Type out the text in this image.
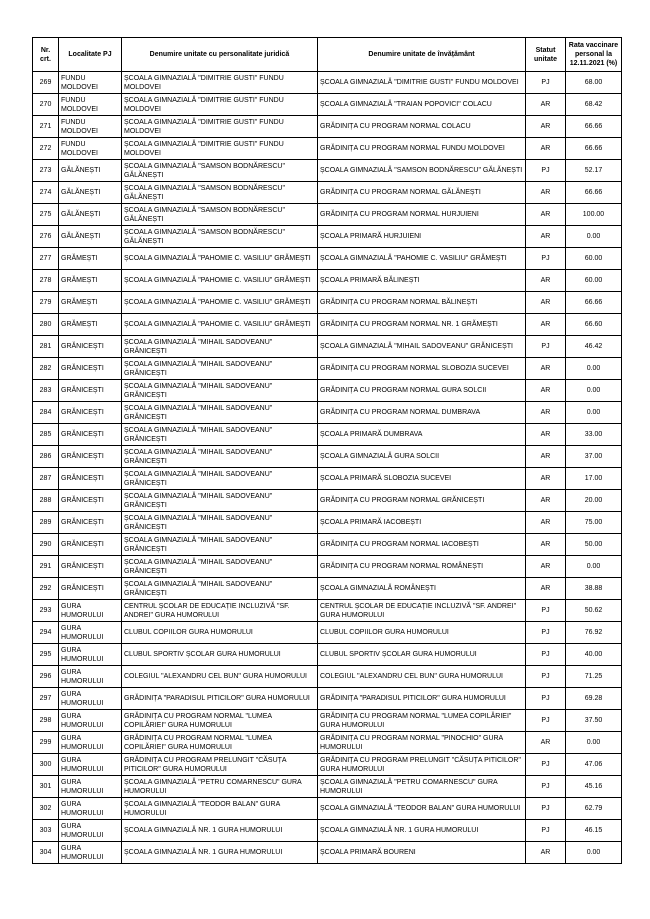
Nr. crt.	Localitate PJ	Denumire unitate cu personalitate juridică	Denumire unitate de învățământ	Statut unitate	Rata vaccinare personal la 12.11.2021 (%)
269	FUNDU MOLDOVEI	ȘCOALA GIMNAZIALĂ "DIMITRIE GUSTI" FUNDU MOLDOVEI	ȘCOALA GIMNAZIALĂ "DIMITRIE GUSTI" FUNDU MOLDOVEI	PJ	68.00
270	FUNDU MOLDOVEI	ȘCOALA GIMNAZIALĂ "DIMITRIE GUSTI" FUNDU MOLDOVEI	ȘCOALA GIMNAZIALĂ "TRAIAN POPOVICI" COLACU	AR	68.42
271	FUNDU MOLDOVEI	ȘCOALA GIMNAZIALĂ "DIMITRIE GUSTI" FUNDU MOLDOVEI	GRĂDINIȚA CU PROGRAM NORMAL COLACU	AR	66.66
272	FUNDU MOLDOVEI	ȘCOALA GIMNAZIALĂ "DIMITRIE GUSTI" FUNDU MOLDOVEI	GRĂDINIȚA CU PROGRAM NORMAL FUNDU MOLDOVEI	AR	66.66
273	GĂLĂNEȘTI	ȘCOALA GIMNAZIALĂ "SAMSON BODNĂRESCU" GĂLĂNEȘTI	ȘCOALA GIMNAZIALĂ "SAMSON BODNĂRESCU" GĂLĂNEȘTI	PJ	52.17
274	GĂLĂNEȘTI	ȘCOALA GIMNAZIALĂ "SAMSON BODNĂRESCU" GĂLĂNEȘTI	GRĂDINIȚA CU PROGRAM NORMAL GĂLĂNEȘTI	AR	66.66
275	GĂLĂNEȘTI	ȘCOALA GIMNAZIALĂ "SAMSON BODNĂRESCU" GĂLĂNEȘTI	GRĂDINIȚA CU PROGRAM NORMAL HURJUIENI	AR	100.00
276	GĂLĂNEȘTI	ȘCOALA GIMNAZIALĂ "SAMSON BODNĂRESCU" GĂLĂNEȘTI	ȘCOALA PRIMARĂ HURJUIENI	AR	0.00
277	GRĂMEȘTI	ȘCOALA GIMNAZIALĂ "PAHOMIE C. VASILIU" GRĂMEȘTI	ȘCOALA GIMNAZIALĂ "PAHOMIE C. VASILIU" GRĂMEȘTI	PJ	60.00
278	GRĂMEȘTI	ȘCOALA GIMNAZIALĂ "PAHOMIE C. VASILIU" GRĂMEȘTI	ȘCOALA PRIMARĂ BĂLINEȘTI	AR	60.00
279	GRĂMEȘTI	ȘCOALA GIMNAZIALĂ "PAHOMIE C. VASILIU" GRĂMEȘTI	GRĂDINIȚA CU PROGRAM NORMAL BĂLINEȘTI	AR	66.66
280	GRĂMEȘTI	ȘCOALA GIMNAZIALĂ "PAHOMIE C. VASILIU" GRĂMEȘTI	GRĂDINIȚA CU PROGRAM NORMAL NR. 1 GRĂMEȘTI	AR	66.60
281	GRĂNICEȘTI	ȘCOALA GIMNAZIALĂ "MIHAIL SADOVEANU" GRĂNICEȘTI	ȘCOALA GIMNAZIALĂ "MIHAIL SADOVEANU" GRĂNICEȘTI	PJ	46.42
282	GRĂNICEȘTI	ȘCOALA GIMNAZIALĂ "MIHAIL SADOVEANU" GRĂNICEȘTI	GRĂDINIȚA CU PROGRAM NORMAL SLOBOZIA SUCEVEI	AR	0.00
283	GRĂNICEȘTI	ȘCOALA GIMNAZIALĂ "MIHAIL SADOVEANU" GRĂNICEȘTI	GRĂDINIȚA CU PROGRAM NORMAL GURA SOLCII	AR	0.00
284	GRĂNICEȘTI	ȘCOALA GIMNAZIALĂ "MIHAIL SADOVEANU" GRĂNICEȘTI	GRĂDINIȚA CU PROGRAM NORMAL DUMBRAVA	AR	0.00
285	GRĂNICEȘTI	ȘCOALA GIMNAZIALĂ "MIHAIL SADOVEANU" GRĂNICEȘTI	ȘCOALA PRIMARĂ DUMBRAVA	AR	33.00
286	GRĂNICEȘTI	ȘCOALA GIMNAZIALĂ "MIHAIL SADOVEANU" GRĂNICEȘTI	ȘCOALA GIMNAZIALĂ GURA SOLCII	AR	37.00
287	GRĂNICEȘTI	ȘCOALA GIMNAZIALĂ "MIHAIL SADOVEANU" GRĂNICEȘTI	ȘCOALA PRIMARĂ SLOBOZIA SUCEVEI	AR	17.00
288	GRĂNICEȘTI	ȘCOALA GIMNAZIALĂ "MIHAIL SADOVEANU" GRĂNICEȘTI	GRĂDINIȚA CU PROGRAM NORMAL GRĂNICEȘTI	AR	20.00
289	GRĂNICEȘTI	ȘCOALA GIMNAZIALĂ "MIHAIL SADOVEANU" GRĂNICEȘTI	ȘCOALA PRIMARĂ IACOBEȘTI	AR	75.00
290	GRĂNICEȘTI	ȘCOALA GIMNAZIALĂ "MIHAIL SADOVEANU" GRĂNICEȘTI	GRĂDINIȚA CU PROGRAM NORMAL IACOBEȘTI	AR	50.00
291	GRĂNICEȘTI	ȘCOALA GIMNAZIALĂ "MIHAIL SADOVEANU" GRĂNICEȘTI	GRĂDINIȚA CU PROGRAM NORMAL ROMÂNEȘTI	AR	0.00
292	GRĂNICEȘTI	ȘCOALA GIMNAZIALĂ "MIHAIL SADOVEANU" GRĂNICEȘTI	ȘCOALA GIMNAZIALĂ ROMÂNEȘTI	AR	38.88
293	GURA HUMORULUI	CENTRUL ȘCOLAR DE EDUCAȚIE INCLUZIVĂ "SF. ANDREI" GURA HUMORULUI	CENTRUL ȘCOLAR DE EDUCAȚIE INCLUZIVĂ "SF. ANDREI" GURA HUMORULUI	PJ	50.62
294	GURA HUMORULUI	CLUBUL COPIILOR GURA HUMORULUI	CLUBUL COPIILOR GURA HUMORULUI	PJ	76.92
295	GURA HUMORULUI	CLUBUL SPORTIV ȘCOLAR GURA HUMORULUI	CLUBUL SPORTIV ȘCOLAR GURA HUMORULUI	PJ	40.00
296	GURA HUMORULUI	COLEGIUL "ALEXANDRU CEL BUN" GURA HUMORULUI	COLEGIUL "ALEXANDRU CEL BUN" GURA HUMORULUI	PJ	71.25
297	GURA HUMORULUI	GRĂDINIȚA "PARADISUL PITICILOR" GURA HUMORULUI	GRĂDINIȚA "PARADISUL PITICILOR" GURA HUMORULUI	PJ	69.28
298	GURA HUMORULUI	GRĂDINIȚA CU PROGRAM NORMAL "LUMEA COPILĂRIEI" GURA HUMORULUI	GRĂDINIȚA CU PROGRAM NORMAL "LUMEA COPILĂRIEI" GURA HUMORULUI	PJ	37.50
299	GURA HUMORULUI	GRĂDINIȚA CU PROGRAM NORMAL "LUMEA COPILĂRIEI" GURA HUMORULUI	GRĂDINIȚA CU PROGRAM NORMAL "PINOCHIO" GURA HUMORULUI	AR	0.00
300	GURA HUMORULUI	GRĂDINIȚA CU PROGRAM PRELUNGIT "CĂSUȚA PITICILOR" GURA HUMORULUI	GRĂDINIȚA CU PROGRAM PRELUNGIT "CĂSUȚA PITICILOR" GURA HUMORULUI	PJ	47.06
301	GURA HUMORULUI	ȘCOALA GIMNAZIALĂ "PETRU COMARNESCU" GURA HUMORULUI	ȘCOALA GIMNAZIALĂ "PETRU COMARNESCU" GURA HUMORULUI	PJ	45.16
302	GURA HUMORULUI	ȘCOALA GIMNAZIALĂ "TEODOR BALAN" GURA HUMORULUI	ȘCOALA GIMNAZIALĂ "TEODOR BALAN" GURA HUMORULUI	PJ	62.79
303	GURA HUMORULUI	ȘCOALA GIMNAZIALĂ NR. 1 GURA HUMORULUI	ȘCOALA GIMNAZIALĂ NR. 1 GURA HUMORULUI	PJ	46.15
304	GURA HUMORULUI	ȘCOALA GIMNAZIALĂ NR. 1 GURA HUMORULUI	ȘCOALA PRIMARĂ BOURENI	AR	0.00
